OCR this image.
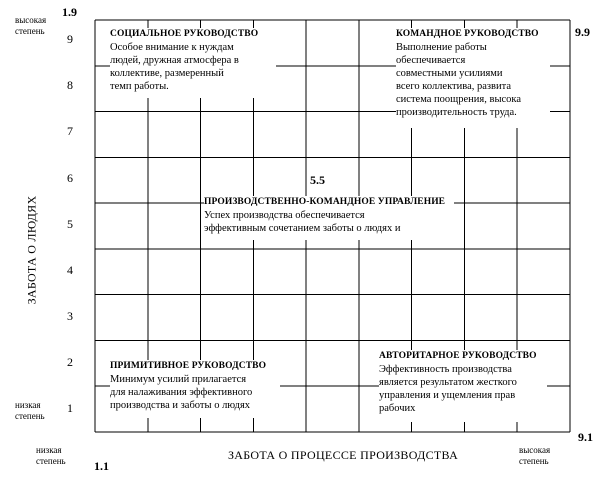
9
8
7
6
5
4
3
2
1
1.9
9.9
1.1
9.1
5.5
высокая
степень
низкая
степень
низкая
степень
высокая
степень
ЗАБОТА О ЛЮДЯХ
ЗАБОТА О ПРОЦЕССЕ ПРОИЗВОДСТВА
СОЦИАЛЬНОЕ РУКОВОДСТВО
Особое внимание к нуждам
людей, дружная атмосфера в
коллективе, размеренный
темп работы.
КОМАНДНОЕ РУКОВОДСТВО
Выполнение работы
обеспечивается
совместными усилиями
всего коллектива, развита
система поощрения, высока
производительность труда.
ПРОИЗВОДСТВЕННО-КОМАНДНОЕ УПРАВЛЕНИЕ
Успех производства обеспечивается
эффективным сочетанием заботы о людях и
ПРИМИТИВНОЕ РУКОВОДСТВО
Минимум усилий прилагается
для налаживания эффективного
производства и заботы о людях
АВТОРИТАРНОЕ РУКОВОДСТВО
Эффективность производства
является результатом жесткого
управления и ущемления прав
рабочих
